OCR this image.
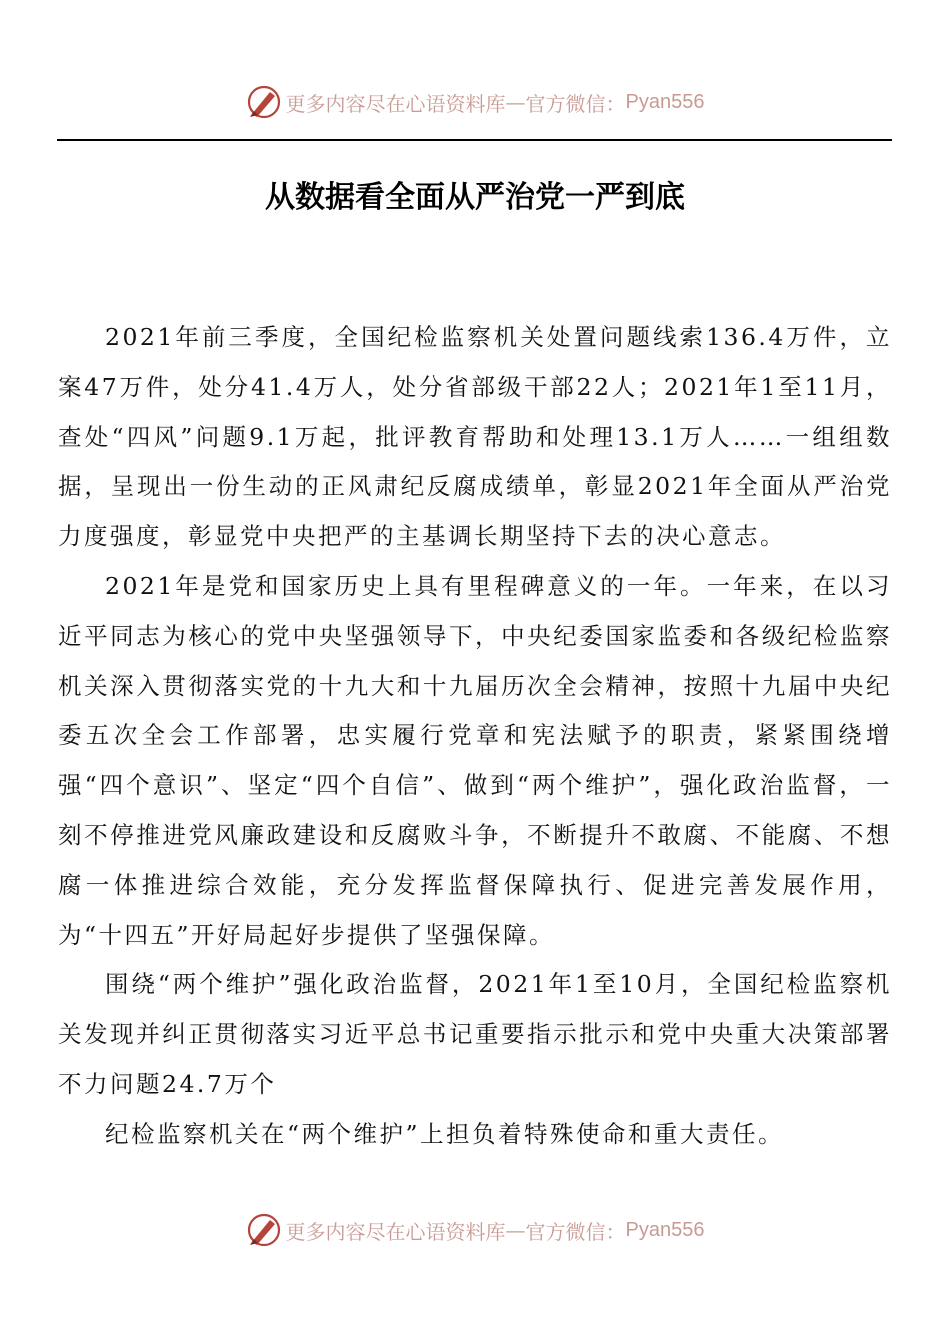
更多内容尽在心语资料库 — 官方微信： Pyan556
从数据看全面从严治党一严到底

2021年前三季度，全国纪检监察机关处置问题线索136.4万件，立案47万件，处分41.4万人，处分省部级干部22人；2021年1至11月，查处“四风”问题9.1万起，批评教育帮助和处理13.1万人……一组组数据，呈现出一份生动的正风肃纪反腐成绩单，彰显2021年全面从严治党力度强度，彰显党中央把严的主基调长期坚持下去的决心意志。

2021年是党和国家历史上具有里程碑意义的一年。一年来，在以习近平同志为核心的党中央坚强领导下，中央纪委国家监委和各级纪检监察机关深入贯彻落实党的十九大和十九届历次全会精神，按照十九届中央纪委五次全会工作部署，忠实履行党章和宪法赋予的职责，紧紧围绕增强“四个意识”、坚定“四个自信”、做到“两个维护”，强化政治监督，一刻不停推进党风廉政建设和反腐败斗争，不断提升不敢腐、不能腐、不想腐一体推进综合效能，充分发挥监督保障执行、促进完善发展作用，为“十四五”开好局起好步提供了坚强保障。

围绕“两个维护”强化政治监督，2021年1至10月，全国纪检监察机关发现并纠正贯彻落实习近平总书记重要指示批示和党中央重大决策部署不力问题24.7万个

纪检监察机关在“两个维护”上担负着特殊使命和重大责任。

更多内容尽在心语资料库 — 官方微信： Pyan556
